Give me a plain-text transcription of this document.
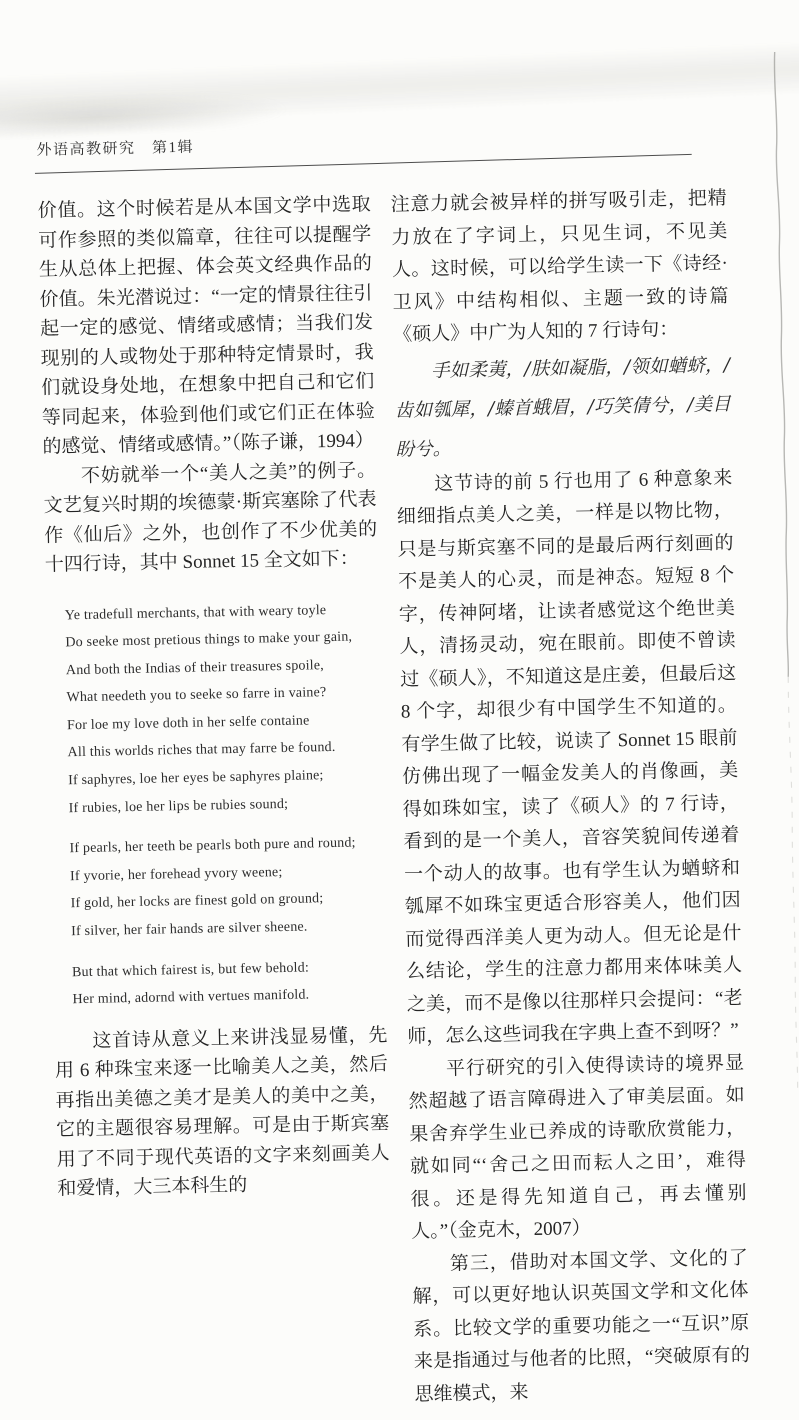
外语高教研究　第1辑

价值。这个时候若是从本国文学中选取可作参照的类似篇章，往往可以提醒学生从总体上把握、体会英文经典作品的价值。朱光潜说过：“一定的情景往往引起一定的感觉、情绪或感情；当我们发现别的人或物处于那种特定情景时，我们就设身处地，在想象中把自己和它们等同起来，体验到他们或它们正在体验的感觉、情绪或感情。”（陈子谦，1994）

不妨就举一个“美人之美”的例子。文艺复兴时期的埃德蒙·斯宾塞除了代表作《仙后》之外，也创作了不少优美的十四行诗，其中 Sonnet 15 全文如下：

Ye tradefull merchants, that with weary toyle
Do seeke most pretious things to make your gain,
And both the Indias of their treasures spoile,
What needeth you to seeke so farre in vaine?
For loe my love doth in her selfe containe
All this worlds riches that may farre be found.
If saphyres, loe her eyes be saphyres plaine;
If rubies, loe her lips be rubies sound;
If pearls, her teeth be pearls both pure and round;
If yvorie, her forehead yvory weene;
If gold, her locks are finest gold on ground;
If silver, her fair hands are silver sheene.
But that which fairest is, but few behold:
Her mind, adornd with vertues manifold.

这首诗从意义上来讲浅显易懂，先用 6 种珠宝来逐一比喻美人之美，然后再指出美德之美才是美人的美中之美，它的主题很容易理解。可是由于斯宾塞用了不同于现代英语的文字来刻画美人和爱情，大三本科生的

注意力就会被异样的拼写吸引走，把精力放在了字词上，只见生词，不见美人。这时候，可以给学生读一下《诗经·卫风》中结构相似、主题一致的诗篇《硕人》中广为人知的 7 行诗句：

手如柔荑，/肤如凝脂，/领如蝤蛴，/齿如瓠犀，/螓首蛾眉，/巧笑倩兮，/美目盼兮。

这节诗的前 5 行也用了 6 种意象来细细指点美人之美，一样是以物比物，只是与斯宾塞不同的是最后两行刻画的不是美人的心灵，而是神态。短短 8 个字，传神阿堵，让读者感觉这个绝世美人，清扬灵动，宛在眼前。即使不曾读过《硕人》，不知道这是庄姜，但最后这 8 个字，却很少有中国学生不知道的。有学生做了比较，说读了 Sonnet 15 眼前仿佛出现了一幅金发美人的肖像画，美得如珠如宝，读了《硕人》的 7 行诗，看到的是一个美人，音容笑貌间传递着一个动人的故事。也有学生认为蝤蛴和瓠犀不如珠宝更适合形容美人，他们因而觉得西洋美人更为动人。但无论是什么结论，学生的注意力都用来体味美人之美，而不是像以往那样只会提问：“老师，怎么这些词我在字典上查不到呀？”

平行研究的引入使得读诗的境界显然超越了语言障碍进入了审美层面。如果舍弃学生业已养成的诗歌欣赏能力，就如同“‘舍己之田而耘人之田’，难得很。还是得先知道自己，再去懂别人。”（金克木，2007）

第三，借助对本国文学、文化的了解，可以更好地认识英国文学和文化体系。比较文学的重要功能之一“互识”原来是指通过与他者的比照，“突破原有的思维模式，来
